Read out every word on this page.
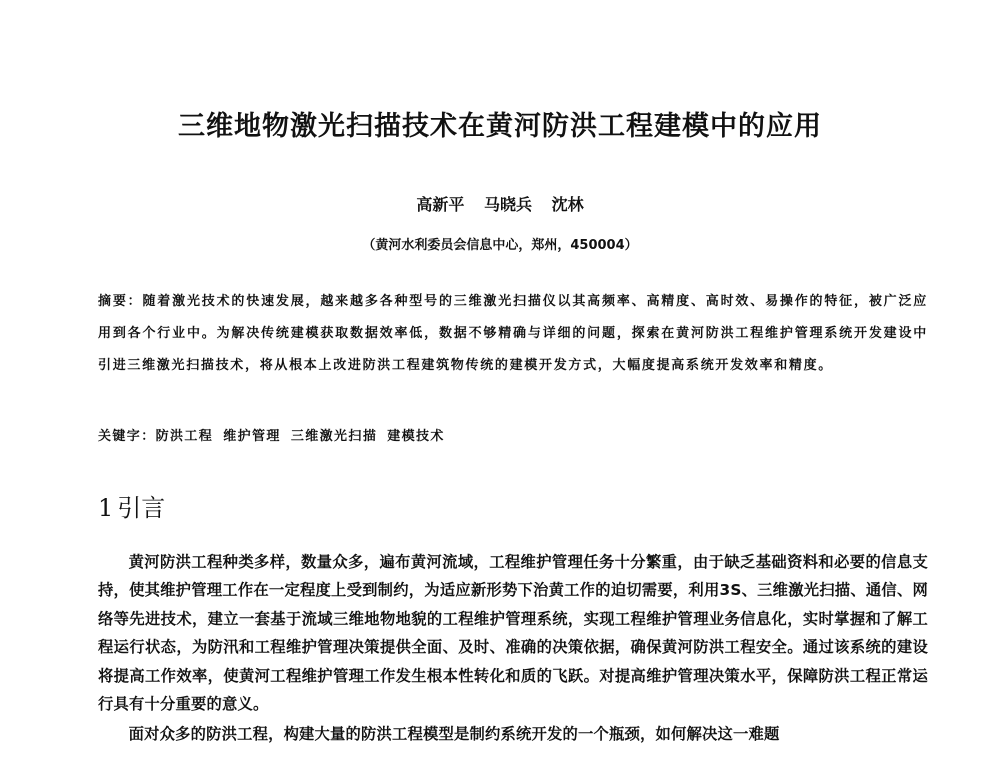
三维地物激光扫描技术在黄河防洪工程建模中的应用
高新平 马晓兵 沈林
（黄河水利委员会信息中心，郑州，450004）
摘要：随着激光技术的快速发展，越来越多各种型号的三维激光扫描仪以其高频率、高精度、高时效、易操作的特征，被广泛应用到各个行业中。为解决传统建模获取数据效率低，数据不够精确与详细的问题，探索在黄河防洪工程维护管理系统开发建设中引进三维激光扫描技术，将从根本上改进防洪工程建筑物传统的建模开发方式，大幅度提高系统开发效率和精度。
关键字：防洪工程 维护管理 三维激光扫描 建模技术
1 引言

黄河防洪工程种类多样，数量众多，遍布黄河流域，工程维护管理任务十分繁重，由于缺乏基础资料和必要的信息支持，使其维护管理工作在一定程度上受到制约，为适应新形势下治黄工作的迫切需要，利用3S、三维激光扫描、通信、网络等先进技术，建立一套基于流域三维地物地貌的工程维护管理系统，实现工程维护管理业务信息化，实时掌握和了解工程运行状态，为防汛和工程维护管理决策提供全面、及时、准确的决策依据，确保黄河防洪工程安全。通过该系统的建设将提高工作效率，使黄河工程维护管理工作发生根本性转化和质的飞跃。对提高维护管理决策水平，保障防洪工程正常运行具有十分重要的意义。

面对众多的防洪工程，构建大量的防洪工程模型是制约系统开发的一个瓶颈，如何解决这一难题
